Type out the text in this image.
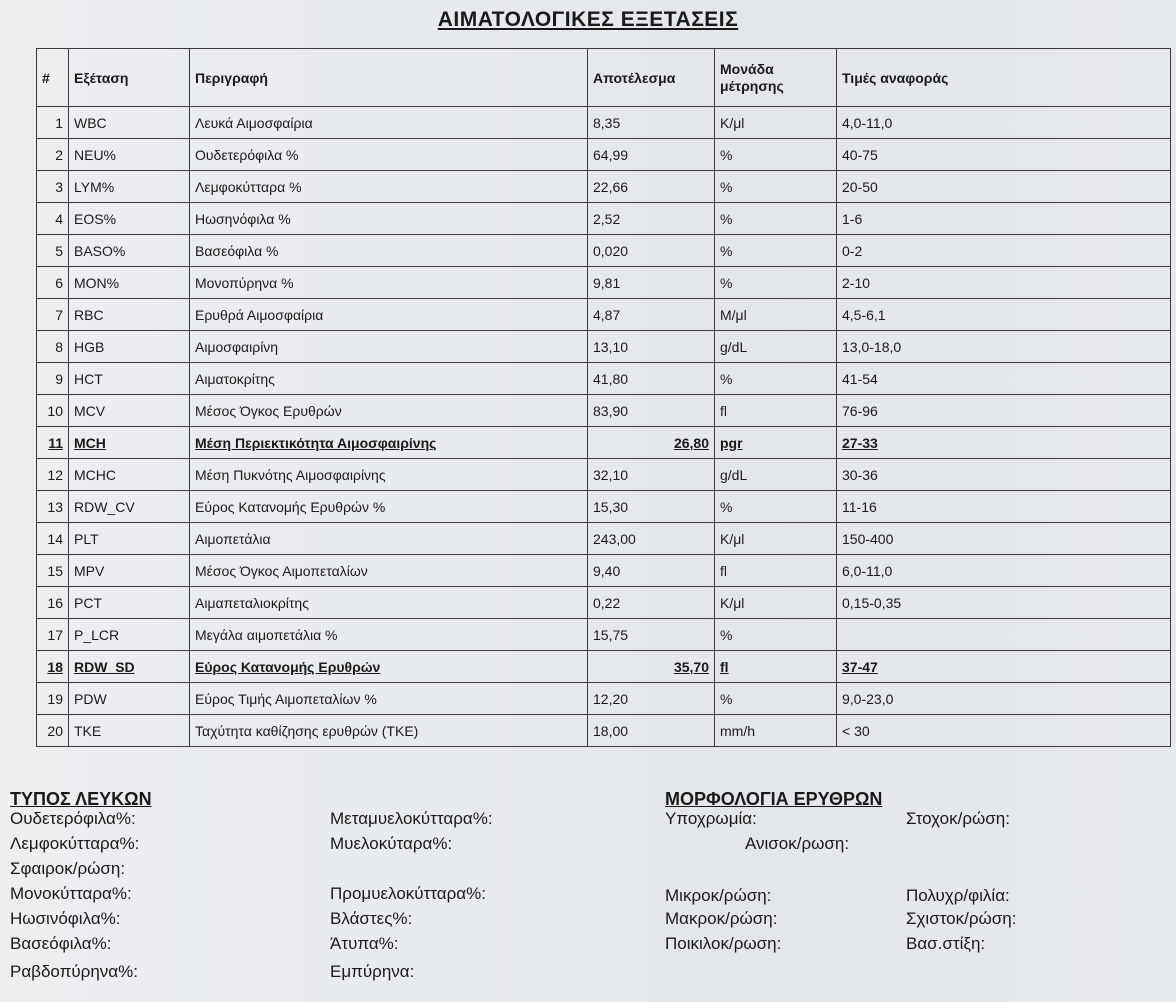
ΑΙΜΑΤΟΛΟΓΙΚΕΣ ΕΞΕΤΑΣΕΙΣ
#	Εξέταση	Περιγραφή	Αποτέλεσμα	Μονάδα
μέτρησης	Τιμές αναφοράς
1	WBC	Λευκά Αιμοσφαίρια	8,35	K/μl	4,0-11,0
2	NEU%	Ουδετερόφιλα %	64,99	%	40-75
3	LYM%	Λεμφοκύτταρα %	22,66	%	20-50
4	EOS%	Ηωσηνόφιλα %	2,52	%	1-6
5	BASO%	Βασεόφιλα %	0,020	%	0-2
6	MON%	Μονοπύρηνα %	9,81	%	2-10
7	RBC	Ερυθρά Αιμοσφαίρια	4,87	M/μl	4,5-6,1
8	HGB	Αιμοσφαιρίνη	13,10	g/dL	13,0-18,0
9	HCT	Αιματοκρίτης	41,80	%	41-54
10	MCV	Μέσος Όγκος Ερυθρών	83,90	fl	76-96
11	MCH	Μέση Περιεκτικότητα Αιμοσφαιρίνης	26,80	pgr	27-33
12	MCHC	Μέση Πυκνότης Αιμοσφαιρίνης	32,10	g/dL	30-36
13	RDW_CV	Εύρος Κατανομής Ερυθρών %	15,30	%	11-16
14	PLT	Αιμοπετάλια	243,00	K/μl	150-400
15	MPV	Μέσος Όγκος Αιμοπεταλίων	9,40	fl	6,0-11,0
16	PCT	Αιμαπεταλιοκρίτης	0,22	K/μl	0,15-0,35
17	P_LCR	Μεγάλα αιμοπετάλια %	15,75	%	
18	RDW_SD	Εύρος Κατανομής Ερυθρών	35,70	fl	37-47
19	PDW	Εύρος Τιμής Αιμοπεταλίων %	12,20	%	9,0-23,0
20	TKE	Ταχύτητα καθίζησης ερυθρών (TKE)	18,00	mm/h	< 30
ΤΥΠΟΣ ΛΕΥΚΩΝ
Ουδετερόφιλα%:
Λεμφοκύτταρα%:
Σφαιροκ/ρώση:
Μονοκύτταρα%:
Ηωσινόφιλα%:
Βασεόφιλα%:
Ραβδοπύρηνα%:
Μεταμυελοκύτταρα%:
Μυελοκύταρα%:
Προμυελοκύτταρα%:
Βλάστες%:
Άτυπα%:
Εμπύρηνα:
ΜΟΡΦΟΛΟΓΙΑ ΕΡΥΘΡΩΝ
Υποχρωμία:	Στοχοκ/ρώση:
Ανισοκ/ρωση:
Μικροκ/ρώση:
Μακροκ/ρώση:
Ποικιλοκ/ρωση:
Πολυχρ/φιλία:
Σχιστοκ/ρώση:
Βασ.στίξη:
